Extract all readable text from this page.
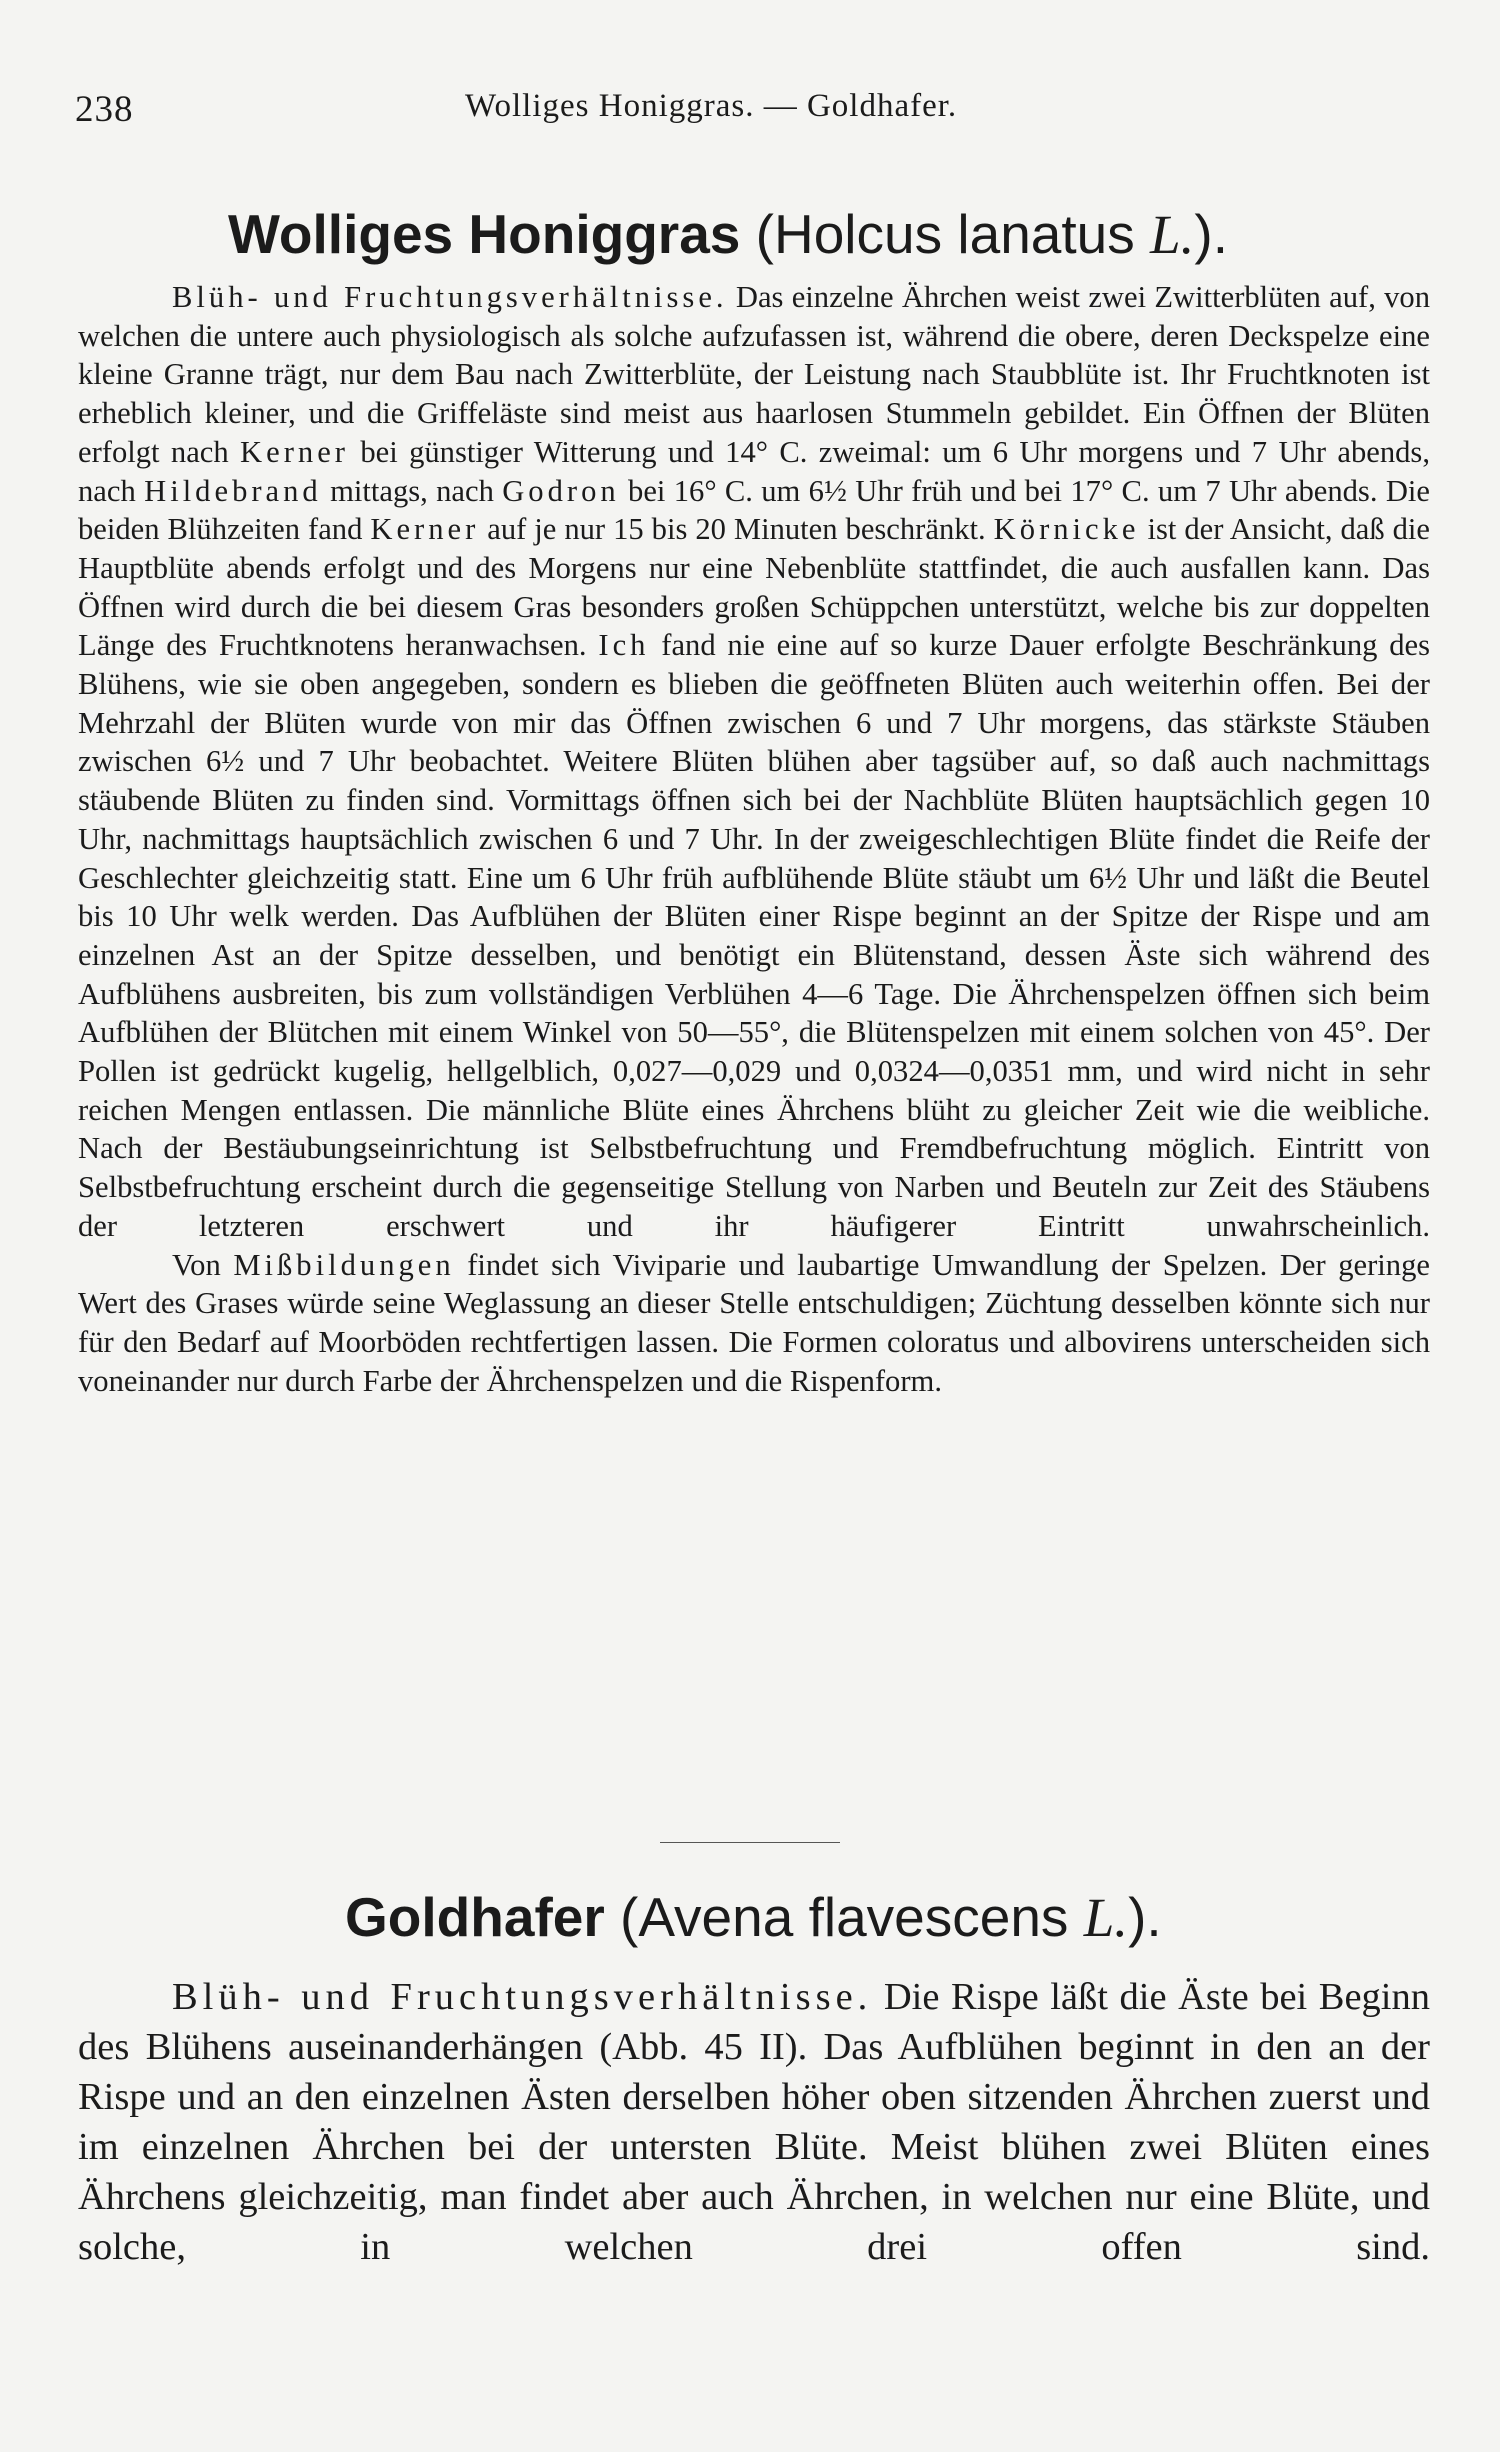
238	Wolliges Honiggras. — Goldhafer.
Wolliges Honiggras (Holcus lanatus L.).

Blüh- und Fruchtungsverhältnisse. Das einzelne Ährchen weist zwei Zwitterblüten auf, von welchen die untere auch physiologisch als solche aufzufassen ist, während die obere, deren Deckspelze eine kleine Granne trägt, nur dem Bau nach Zwitterblüte, der Leistung nach Staubblüte ist. Ihr Fruchtknoten ist erheblich kleiner, und die Griffeläste sind meist aus haarlosen Stummeln gebildet. Ein Öffnen der Blüten erfolgt nach Kerner bei günstiger Witterung und 14° C. zweimal: um 6 Uhr morgens und 7 Uhr abends, nach Hildebrand mittags, nach Godron bei 16° C. um 6½ Uhr früh und bei 17° C. um 7 Uhr abends. Die beiden Blühzeiten fand Kerner auf je nur 15 bis 20 Minuten beschränkt. Körnicke ist der Ansicht, daß die Hauptblüte abends erfolgt und des Morgens nur eine Nebenblüte stattfindet, die auch ausfallen kann. Das Öffnen wird durch die bei diesem Gras besonders großen Schüppchen unterstützt, welche bis zur doppelten Länge des Fruchtknotens heranwachsen. Ich fand nie eine auf so kurze Dauer erfolgte Beschränkung des Blühens, wie sie oben angegeben, sondern es blieben die geöffneten Blüten auch weiterhin offen. Bei der Mehrzahl der Blüten wurde von mir das Öffnen zwischen 6 und 7 Uhr morgens, das stärkste Stäuben zwischen 6½ und 7 Uhr beobachtet. Weitere Blüten blühen aber tagsüber auf, so daß auch nachmittags stäubende Blüten zu finden sind. Vormittags öffnen sich bei der Nachblüte Blüten hauptsächlich gegen 10 Uhr, nachmittags hauptsächlich zwischen 6 und 7 Uhr. In der zweigeschlechtigen Blüte findet die Reife der Geschlechter gleichzeitig statt. Eine um 6 Uhr früh aufblühende Blüte stäubt um 6½ Uhr und läßt die Beutel bis 10 Uhr welk werden. Das Aufblühen der Blüten einer Rispe beginnt an der Spitze der Rispe und am einzelnen Ast an der Spitze desselben, und benötigt ein Blütenstand, dessen Äste sich während des Aufblühens ausbreiten, bis zum vollständigen Verblühen 4—6 Tage. Die Ährchenspelzen öffnen sich beim Aufblühen der Blütchen mit einem Winkel von 50—55°, die Blütenspelzen mit einem solchen von 45°. Der Pollen ist gedrückt kugelig, hellgelblich, 0,027—0,029 und 0,0324—0,0351 mm, und wird nicht in sehr reichen Mengen entlassen. Die männliche Blüte eines Ährchens blüht zu gleicher Zeit wie die weibliche. Nach der Bestäubungseinrichtung ist Selbstbefruchtung und Fremdbefruchtung möglich. Eintritt von Selbstbefruchtung erscheint durch die gegenseitige Stellung von Narben und Beuteln zur Zeit des Stäubens der letzteren erschwert und ihr häufigerer Eintritt unwahrscheinlich.

Von Mißbildungen findet sich Viviparie und laubartige Umwandlung der Spelzen. Der geringe Wert des Grases würde seine Weglassung an dieser Stelle entschuldigen; Züchtung desselben könnte sich nur für den Bedarf auf Moorböden rechtfertigen lassen. Die Formen coloratus und albovirens unterscheiden sich voneinander nur durch Farbe der Ährchenspelzen und die Rispenform.

Goldhafer (Avena flavescens L.).

Blüh- und Fruchtungsverhältnisse. Die Rispe läßt die Äste bei Beginn des Blühens auseinanderhängen (Abb. 45 II). Das Aufblühen beginnt in den an der Rispe und an den einzelnen Ästen derselben höher oben sitzenden Ährchen zuerst und im einzelnen Ährchen bei der untersten Blüte. Meist blühen zwei Blüten eines Ährchens gleichzeitig, man findet aber auch Ährchen, in welchen nur eine Blüte, und solche, in welchen drei offen sind.
